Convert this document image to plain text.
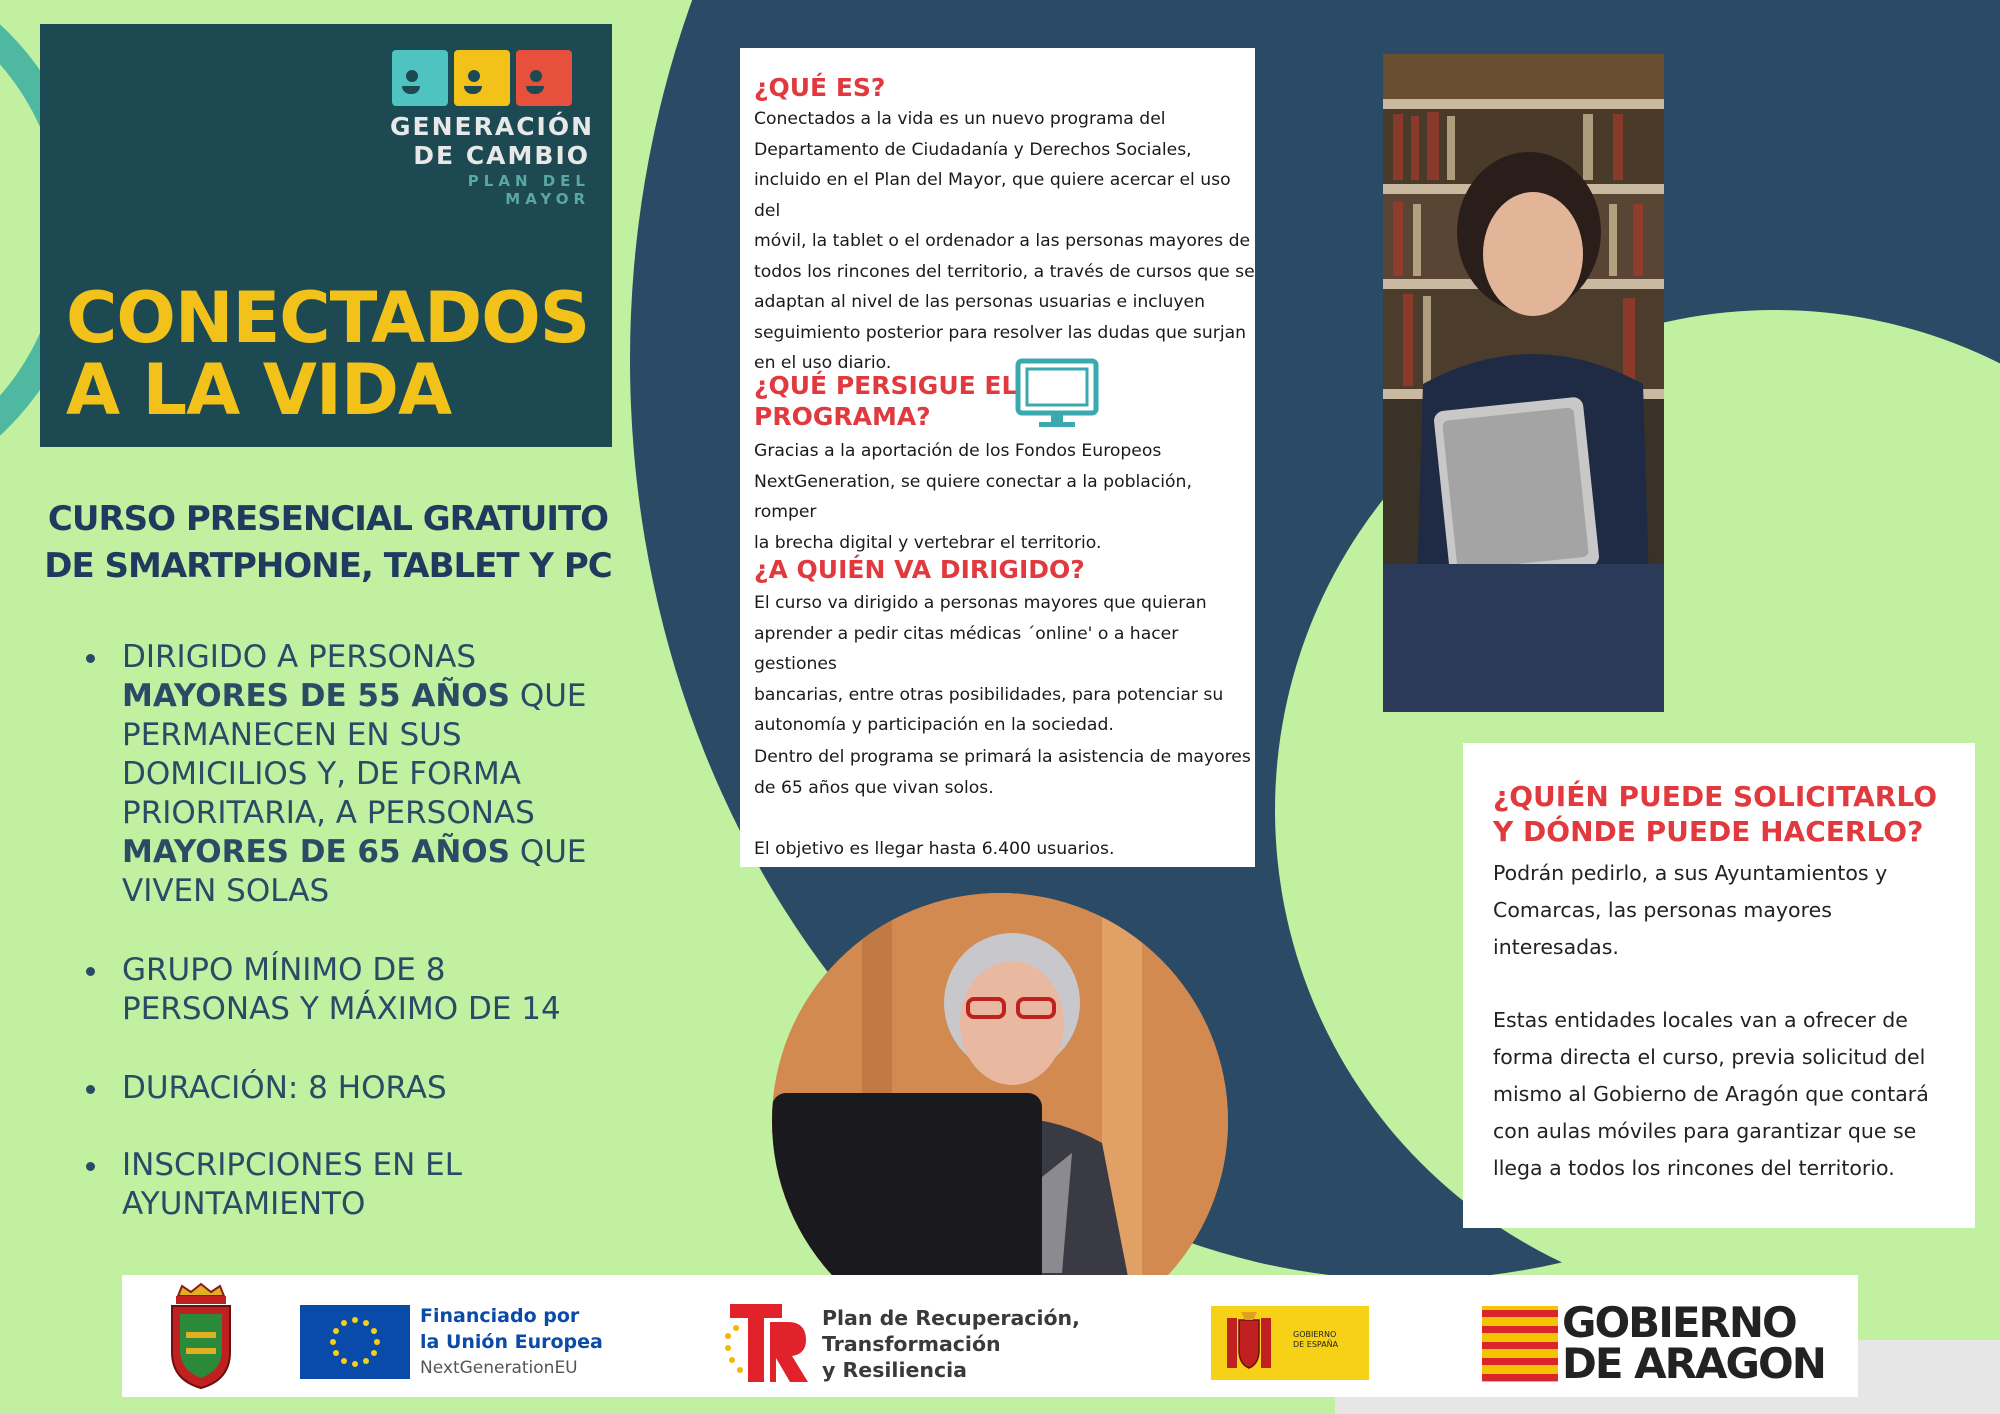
GENERACIÓN
DE CAMBIO
PLAN DEL MAYOR
CONECTADOS
A LA VIDA
CURSO PRESENCIAL GRATUITO
DE SMARTPHONE, TABLET Y PC
DIRIGIDO A PERSONAS MAYORES DE 55 AÑOS QUE PERMANECEN EN SUS DOMICILIOS Y, DE FORMA PRIORITARIA, A PERSONAS MAYORES DE 65 AÑOS QUE VIVEN SOLAS
GRUPO MÍNIMO DE 8 PERSONAS Y MÁXIMO DE 14
DURACIÓN: 8 HORAS
INSCRIPCIONES EN EL AYUNTAMIENTO
¿QUÉ ES?
Conectados a la vida es un nuevo programa del
Departamento de Ciudadanía y Derechos Sociales,
incluido en el Plan del Mayor, que quiere acercar el uso del
móvil, la tablet o el ordenador a las personas mayores de
todos los rincones del territorio, a través de cursos que se
adaptan al nivel de las personas usuarias e incluyen
seguimiento posterior para resolver las dudas que surjan
en el uso diario.
¿QUÉ PERSIGUE EL
PROGRAMA?
Gracias a la aportación de los Fondos Europeos
NextGeneration, se quiere conectar a la población, romper
la brecha digital y vertebrar el territorio.
¿A QUIÉN VA DIRIGIDO?
El curso va dirigido a personas mayores que quieran
aprender a pedir citas médicas ´online' o a hacer gestiones
bancarias, entre otras posibilidades, para potenciar su
autonomía y participación en la sociedad.
Dentro del programa se primará la asistencia de mayores
de 65 años que vivan solos.
El objetivo es llegar hasta 6.400 usuarios.
¿QUIÉN PUEDE SOLICITARLO
Y DÓNDE PUEDE HACERLO?
Podrán pedirlo, a sus Ayuntamientos y
Comarcas, las personas mayores
interesadas.
Estas entidades locales van a ofrecer de
forma directa el curso, previa solicitud del
mismo al Gobierno de Aragón que contará
con aulas móviles para garantizar que se
llega a todos los rincones del territorio.
Financiado por
la Unión Europea
NextGenerationEU
Plan de Recuperación,
Transformación
y Resiliencia
GOBIERNO
DE ESPAÑA	GOBIERNO
DE ARAGON
